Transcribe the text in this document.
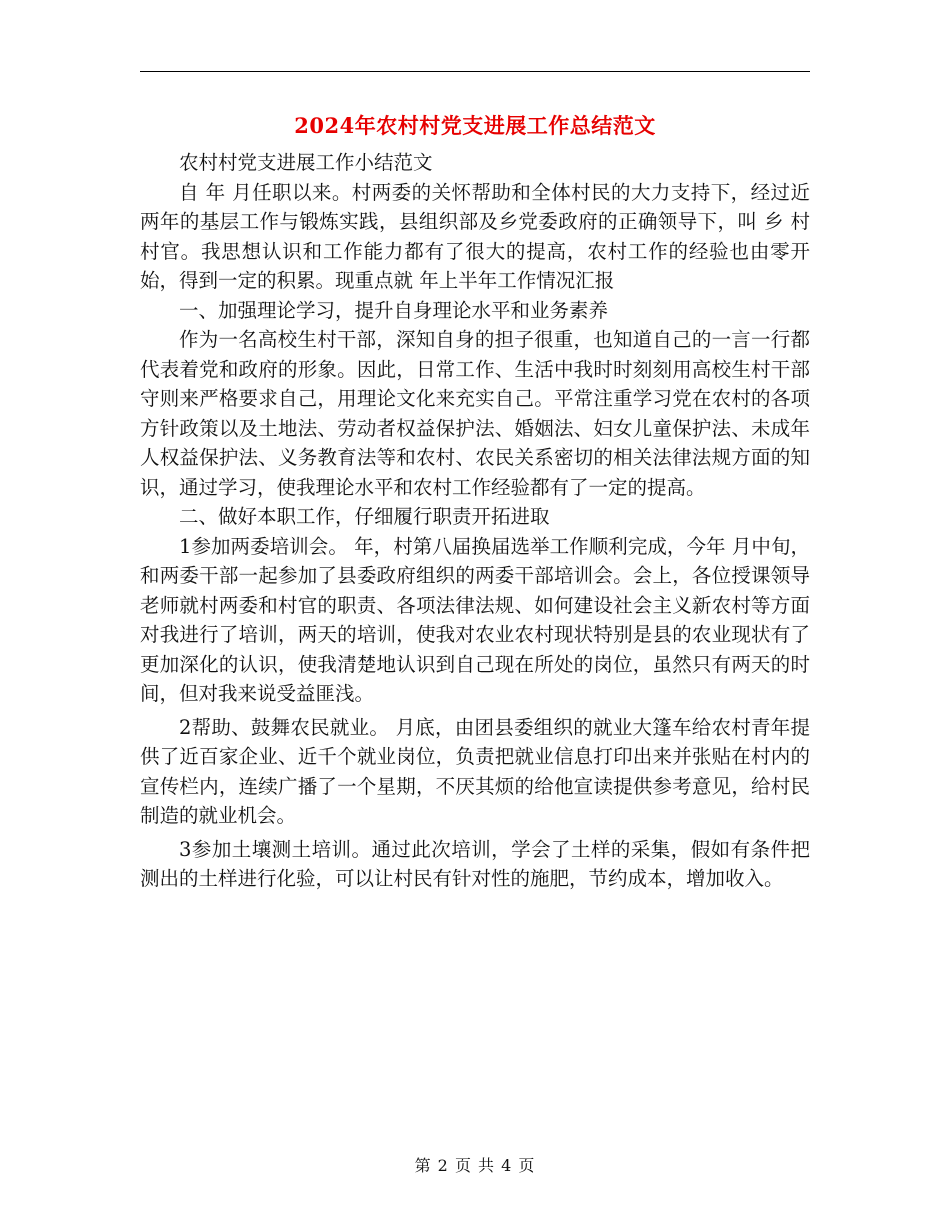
2024年农村村党支进展工作总结范文

农村村党支进展工作小结范文

自 年 月任职以来。村两委的关怀帮助和全体村民的大力支持下，经过近两年的基层工作与锻炼实践，县组织部及乡党委政府的正确领导下，叫 乡 村村官。我思想认识和工作能力都有了很大的提高，农村工作的经验也由零开始，得到一定的积累。现重点就 年上半年工作情况汇报

一、加强理论学习，提升自身理论水平和业务素养

作为一名高校生村干部，深知自身的担子很重，也知道自己的一言一行都代表着党和政府的形象。因此，日常工作、生活中我时时刻刻用高校生村干部守则来严格要求自己，用理论文化来充实自己。平常注重学习党在农村的各项方针政策以及土地法、劳动者权益保护法、婚姻法、妇女儿童保护法、未成年人权益保护法、义务教育法等和农村、农民关系密切的相关法律法规方面的知识，通过学习，使我理论水平和农村工作经验都有了一定的提高。

二、做好本职工作，仔细履行职责开拓进取

1参加两委培训会。 年，村第八届换届选举工作顺利完成，今年 月中旬，和两委干部一起参加了县委政府组织的两委干部培训会。会上，各位授课领导老师就村两委和村官的职责、各项法律法规、如何建设社会主义新农村等方面对我进行了培训，两天的培训，使我对农业农村现状特别是县的农业现状有了更加深化的认识，使我清楚地认识到自己现在所处的岗位，虽然只有两天的时间，但对我来说受益匪浅。

2帮助、鼓舞农民就业。 月底，由团县委组织的就业大篷车给农村青年提供了近百家企业、近千个就业岗位，负责把就业信息打印出来并张贴在村内的宣传栏内，连续广播了一个星期，不厌其烦的给他宣读提供参考意见，给村民制造的就业机会。

3参加土壤测土培训。通过此次培训，学会了土样的采集，假如有条件把测出的土样进行化验，可以让村民有针对性的施肥，节约成本，增加收入。

第 2 页 共 4 页
